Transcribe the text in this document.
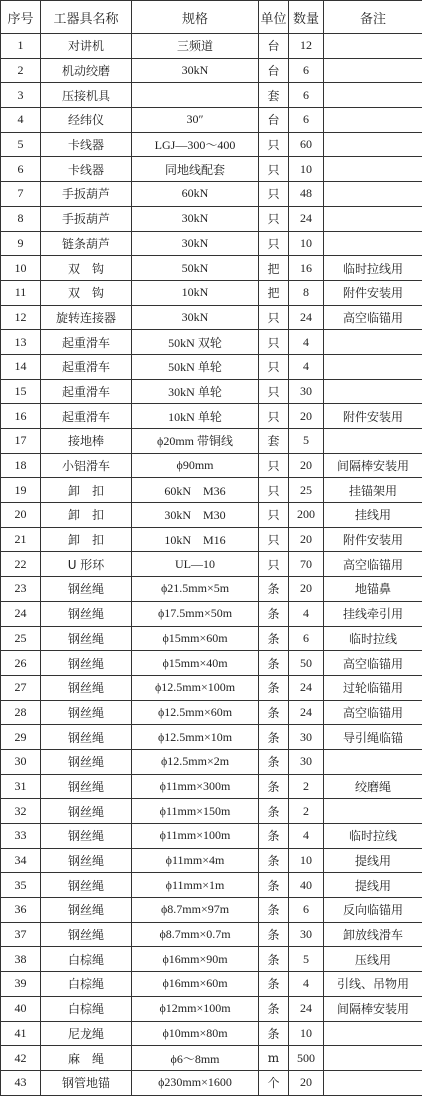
序号	工器具名称	规格	单位	数量	备注
1	对讲机	三频道	台	12	
2	机动绞磨	30kN	台	6	
3	压接机具		套	6	
4	经纬仪	30″	台	6	
5	卡线器	LGJ—300～400	只	60	
6	卡线器	同地线配套	只	10	
7	手扳葫芦	60kN	只	48	
8	手扳葫芦	30kN	只	24	
9	链条葫芦	30kN	只	10	
10	双　钩	50kN	把	16	临时拉线用
11	双　钩	10kN	把	8	附件安装用
12	旋转连接器	30kN	只	24	高空临锚用
13	起重滑车	50kN 双轮	只	4	
14	起重滑车	50kN 单轮	只	4	
15	起重滑车	30kN 单轮	只	30	
16	起重滑车	10kN 单轮	只	20	附件安装用
17	接地棒	ϕ20mm 带铜线	套	5	
18	小铝滑车	ϕ90mm	只	20	间隔棒安装用
19	卸　扣	60kN　M36	只	25	挂锚架用
20	卸　扣	30kN　M30	只	200	挂线用
21	卸　扣	10kN　M16	只	20	附件安装用
22	U 形环	UL—10	只	70	高空临锚用
23	钢丝绳	ϕ21.5mm×5m	条	20	地锚鼻
24	钢丝绳	ϕ17.5mm×50m	条	4	挂线牵引用
25	钢丝绳	ϕ15mm×60m	条	6	临时拉线
26	钢丝绳	ϕ15mm×40m	条	50	高空临锚用
27	钢丝绳	ϕ12.5mm×100m	条	24	过轮临锚用
28	钢丝绳	ϕ12.5mm×60m	条	24	高空临锚用
29	钢丝绳	ϕ12.5mm×10m	条	30	导引绳临锚
30	钢丝绳	ϕ12.5mm×2m	条	30	
31	钢丝绳	ϕ11mm×300m	条	2	绞磨绳
32	钢丝绳	ϕ11mm×150m	条	2	
33	钢丝绳	ϕ11mm×100m	条	4	临时拉线
34	钢丝绳	ϕ11mm×4m	条	10	提线用
35	钢丝绳	ϕ11mm×1m	条	40	提线用
36	钢丝绳	ϕ8.7mm×97m	条	6	反向临锚用
37	钢丝绳	ϕ8.7mm×0.7m	条	30	卸放线滑车
38	白棕绳	ϕ16mm×90m	条	5	压线用
39	白棕绳	ϕ16mm×60m	条	4	引线、吊物用
40	白棕绳	ϕ12mm×100m	条	24	间隔棒安装用
41	尼龙绳	ϕ10mm×80m	条	10	
42	麻　绳	ϕ6～8mm	m	500	
43	钢管地锚	ϕ230mm×1600	个	20	
